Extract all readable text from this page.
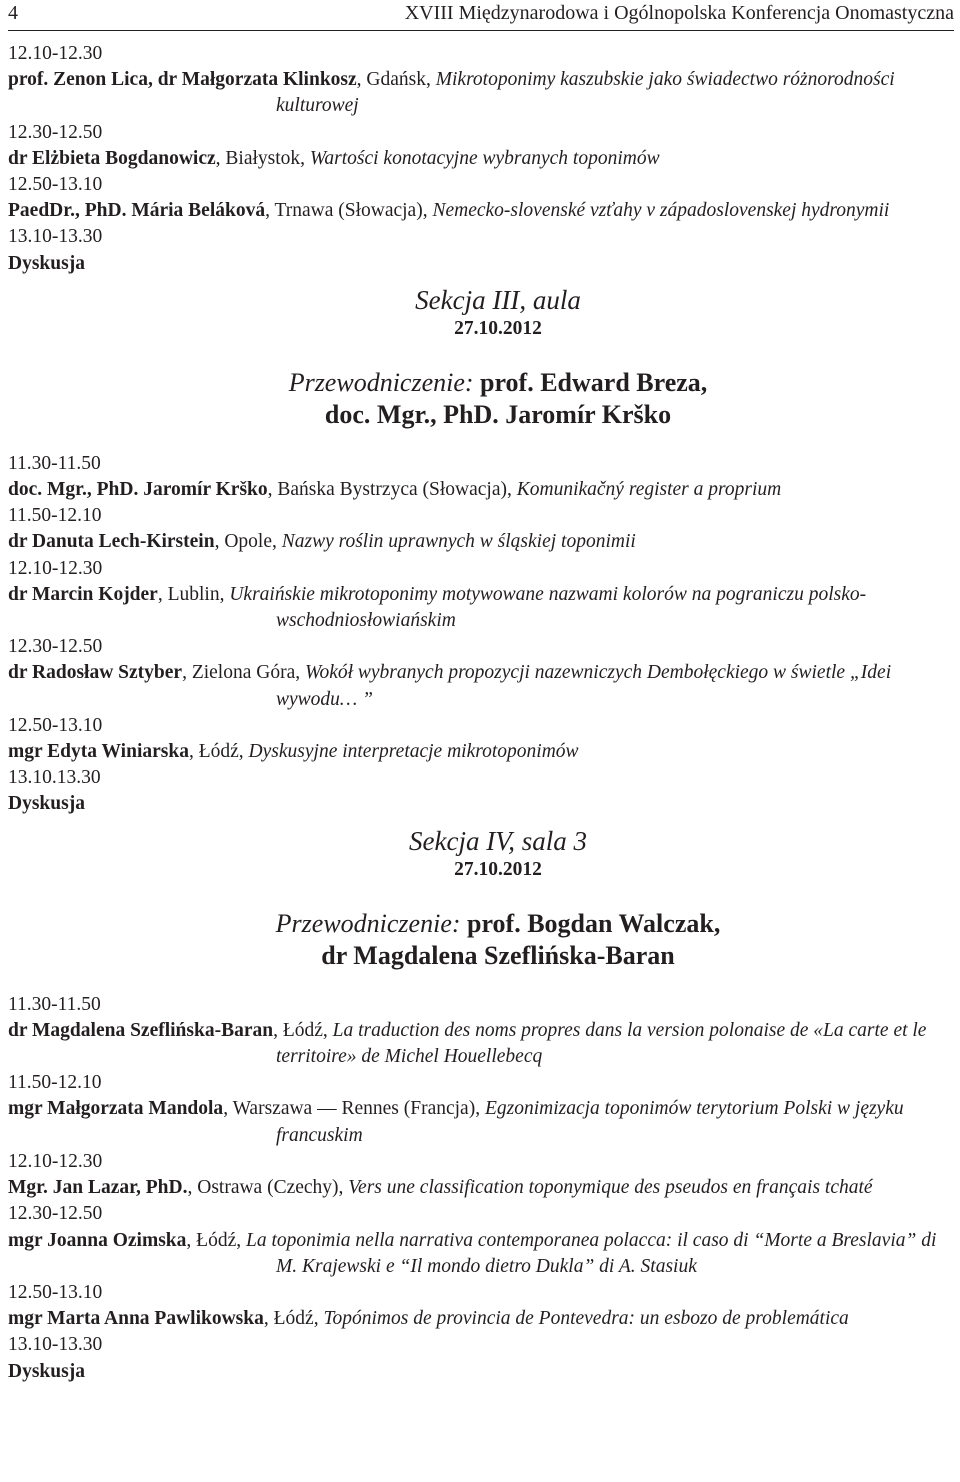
4	XVIII Międzynarodowa i Ogólnopolska Konferencja Onomastyczna
12.10-12.30
prof. Zenon Lica, dr Małgorzata Klinkosz, Gdańsk, Mikrotoponimy kaszubskie jako świadectwo różnorodności kulturowej
12.30-12.50
dr Elżbieta Bogdanowicz, Białystok, Wartości konotacyjne wybranych toponimów
12.50-13.10
PaedDr., PhD. Mária Beláková, Trnawa (Słowacja), Nemecko-slovenské vzťahy v západoslovenskej hydronymii
13.10-13.30
Dyskusja
Sekcja III, aula
27.10.2012
Przewodniczenie: prof. Edward Breza,
doc. Mgr., PhD. Jaromír Krško
11.30-11.50
doc. Mgr., PhD. Jaromír Krško, Bańska Bystrzyca (Słowacja), Komunikačný register a proprium
11.50-12.10
dr Danuta Lech-Kirstein, Opole, Nazwy roślin uprawnych w śląskiej toponimii
12.10-12.30
dr Marcin Kojder, Lublin, Ukraińskie mikrotoponimy motywowane nazwami kolorów na pograniczu polsko-wschodniosłowiańskim
12.30-12.50
dr Radosław Sztyber, Zielona Góra, Wokół wybranych propozycji nazewniczych Dembołęckiego w świetle „Idei wywodu… ”
12.50-13.10
mgr Edyta Winiarska, Łódź, Dyskusyjne interpretacje mikrotoponimów
13.10.13.30
Dyskusja
Sekcja IV, sala 3
27.10.2012
Przewodniczenie: prof. Bogdan Walczak,
dr Magdalena Szeflińska-Baran
11.30-11.50
dr Magdalena Szeflińska-Baran, Łódź, La traduction des noms propres dans la version polonaise de «La carte et le territoire» de Michel Houellebecq
11.50-12.10
mgr Małgorzata Mandola, Warszawa — Rennes (Francja), Egzonimizacja toponimów terytorium Polski w języku francuskim
12.10-12.30
Mgr. Jan Lazar, PhD., Ostrawa (Czechy), Vers une classification toponymique des pseudos en français tchaté
12.30-12.50
mgr Joanna Ozimska, Łódź, La toponimia nella narrativa contemporanea polacca: il caso di “Morte a Breslavia” di M. Krajewski e “Il mondo dietro Dukla” di A. Stasiuk
12.50-13.10
mgr Marta Anna Pawlikowska, Łódź, Topónimos de provincia de Pontevedra: un esbozo de problemática
13.10-13.30
Dyskusja
